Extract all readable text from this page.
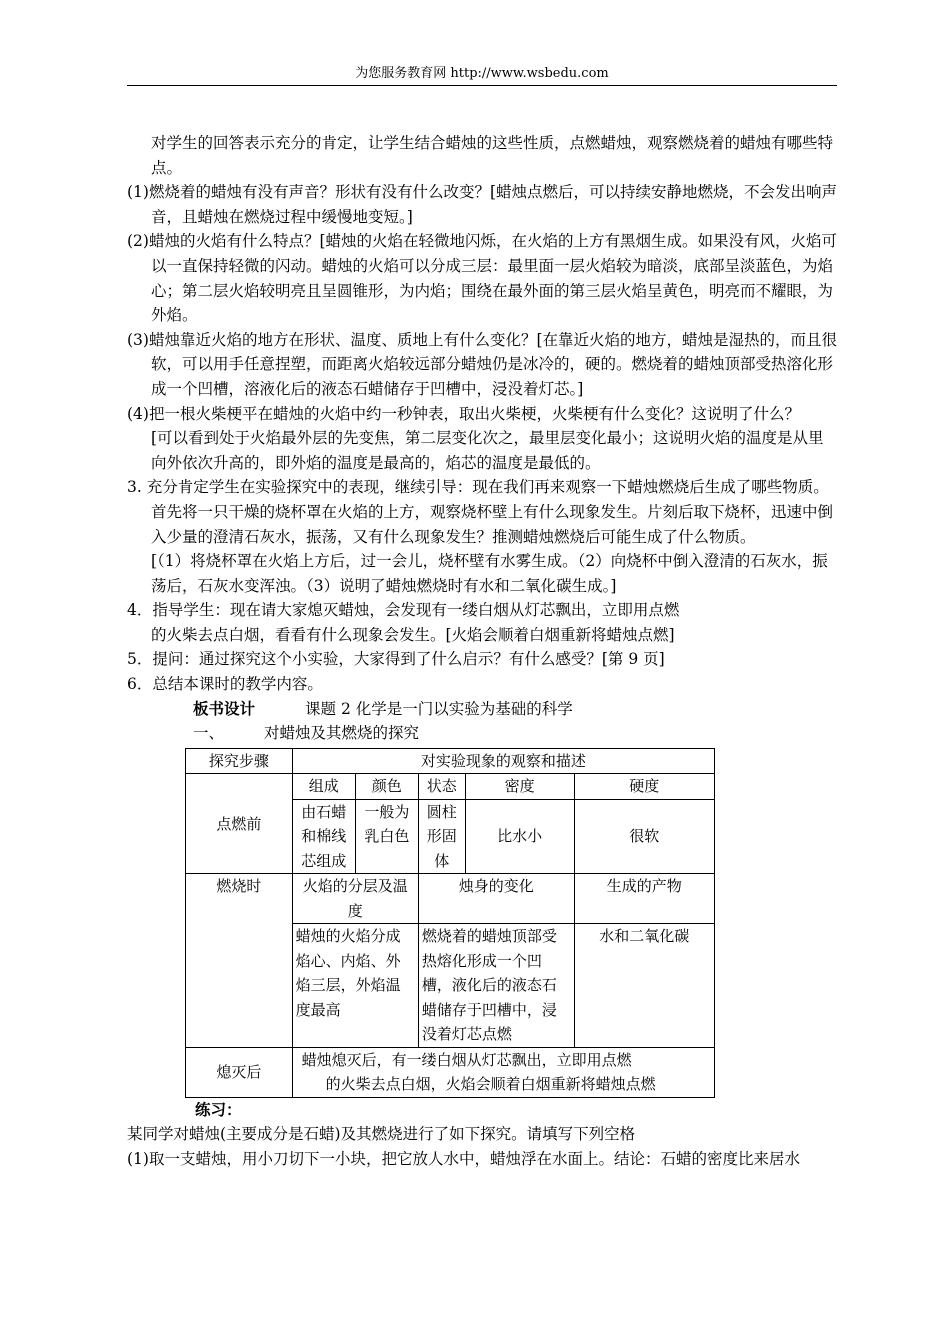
为您服务教育网 http://www.wsbedu.com

对学生的回答表示充分的肯定，让学生结合蜡烛的这些性质，点燃蜡烛，观察燃烧着的蜡烛有哪些特点。

(1)燃烧着的蜡烛有没有声音？形状有没有什么改变？[蜡烛点燃后，可以持续安静地燃烧，不会发出响声音，且蜡烛在燃烧过程中缓慢地变短。]

(2)蜡烛的火焰有什么特点？[蜡烛的火焰在轻微地闪烁，在火焰的上方有黑烟生成。如果没有风，火焰可以一直保持轻微的闪动。蜡烛的火焰可以分成三层：最里面一层火焰较为暗淡，底部呈淡蓝色，为焰心；第二层火焰较明亮且呈圆锥形，为内焰；围绕在最外面的第三层火焰呈黄色，明亮而不耀眼，为外焰。

(3)蜡烛靠近火焰的地方在形状、温度、质地上有什么变化？[在靠近火焰的地方，蜡烛是湿热的，而且很软，可以用手任意捏塑，而距离火焰较远部分蜡烛仍是冰冷的，硬的。燃烧着的蜡烛顶部受热溶化形成一个凹槽，溶液化后的液态石蜡储存于凹槽中，浸没着灯芯。]

(4)把一根火柴梗平在蜡烛的火焰中约一秒钟表，取出火柴梗，火柴梗有什么变化？这说明了什么？

[可以看到处于火焰最外层的先变焦，第二层变化次之，最里层变化最小；这说明火焰的温度是从里向外依次升高的，即外焰的温度是最高的，焰芯的温度是最低的。

3. 充分肯定学生在实验探究中的表现，继续引导：现在我们再来观察一下蜡烛燃烧后生成了哪些物质。首先将一只干燥的烧杯罩在火焰的上方，观察烧杯壁上有什么现象发生。片刻后取下烧杯，迅速中倒入少量的澄清石灰水，振荡，又有什么现象发生？推测蜡烛燃烧后可能生成了什么物质。

[（1）将烧杯罩在火焰上方后，过一会儿，烧杯壁有水雾生成。（2）向烧杯中倒入澄清的石灰水，振荡后，石灰水变浑浊。（3）说明了蜡烛燃烧时有水和二氧化碳生成。]

4．指导学生：现在请大家熄灭蜡烛，会发现有一缕白烟从灯芯飘出，立即用点燃

的火柴去点白烟，看看有什么现象会发生。[火焰会顺着白烟重新将蜡烛点燃]

5．提问：通过探究这个小实验，大家得到了什么启示？有什么感受？[第 9 页]

6．总结本课时的教学内容。

板书设计	课题 2 化学是一门以实验为基础的科学

一、	对蜡烛及其燃烧的探究

探究步骤	对实验现象的观察和描述				
点燃前	组成	颜色	状态	密度	硬度
	由石蜡和棉线芯组成	一般为乳白色	圆柱形固体	比水小	很软
燃烧时	火焰的分层及温度		烛身的变化		生成的产物
	蜡烛的火焰分成焰心、内焰、外焰三层，外焰温度最高		燃烧着的蜡烛顶部受热熔化形成一个凹槽，液化后的液态石蜡储存于凹槽中，浸没着灯芯点燃		水和二氧化碳
熄灭后	蜡烛熄灭后，有一缕白烟从灯芯飘出，立即用点燃
的火柴去点白烟，火焰会顺着白烟重新将蜡烛点燃				

练习：

某同学对蜡烛(主要成分是石蜡)及其燃烧进行了如下探究。请填写下列空格

(1)取一支蜡烛，用小刀切下一小块，把它放人水中，蜡烛浮在水面上。结论：石蜡的密度比来居水
